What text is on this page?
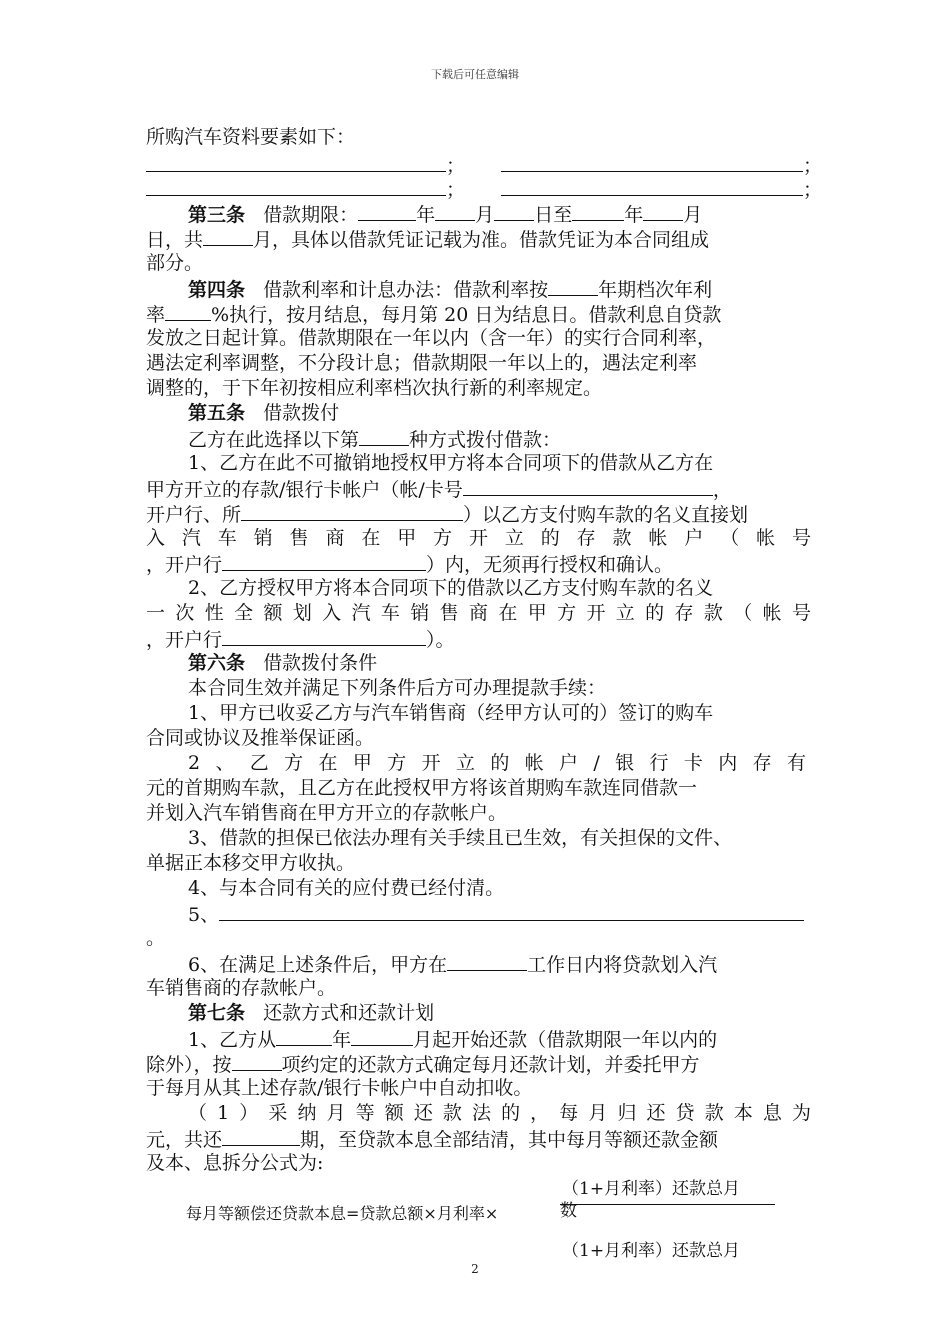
下载后可任意编辑
所购汽车资料要素如下：
；	；
；	；
第三条 借款期限：	年 月 日至	年 月
日，共	月，具体以借款凭证记载为准。借款凭证为本合同组成
部分。
第四条 借款利率和计息办法：借款利率按	年期档次年利
率 %执行，按月结息，每月第 20 日为结息日。借款利息自贷款
发放之日起计算。借款期限在一年以内（含一年）的实行合同利率，
遇法定利率调整，不分段计息；借款期限一年以上的，遇法定利率
调整的，于下年初按相应利率档次执行新的利率规定。
第五条 借款拨付
乙方在此选择以下第	种方式拨付借款：
1、乙方在此不可撤销地授权甲方将本合同项下的借款从乙方在
甲方开立的存款/银行卡帐户（帐/卡号	，
开户行、所	）以乙方支付购车款的名义直接划
入汽车销售商在甲方开立的存款帐户（帐号
，开户行	）内，无须再行授权和确认。
2、乙方授权甲方将本合同项下的借款以乙方支付购车款的名义
一次性全额划入汽车销售商在甲方开立的存款（帐号
，开户行	）。
第六条 借款拨付条件
本合同生效并满足下列条件后方可办理提款手续：
1、甲方已收妥乙方与汽车销售商（经甲方认可的）签订的购车
合同或协议及推举保证函。
2、乙方在甲方开立的帐户/银行卡内存有
元的首期购车款，且乙方在此授权甲方将该首期购车款连同借款一
并划入汽车销售商在甲方开立的存款帐户。
3、借款的担保已依法办理有关手续且已生效，有关担保的文件、
单据正本移交甲方收执。
4、与本合同有关的应付费已经付清。
5、
。
6、在满足上述条件后，甲方在	工作日内将贷款划入汽
车销售商的存款帐户。
第七条 还款方式和还款计划
1、乙方从	年	月起开始还款（借款期限一年以内的
除外），按	项约定的还款方式确定每月还款计划，并委托甲方
于每月从其上述存款/银行卡帐户中自动扣收。
（1）采纳月等额还款法的，每月归还贷款本息为
元，共还	期，至贷款本息全部结清，其中每月等额还款金额
及本、息拆分公式为:
（1+月利率）还款总月
数
每月等额偿还贷款本息=贷款总额×月利率×
（1+月利率）还款总月
2
